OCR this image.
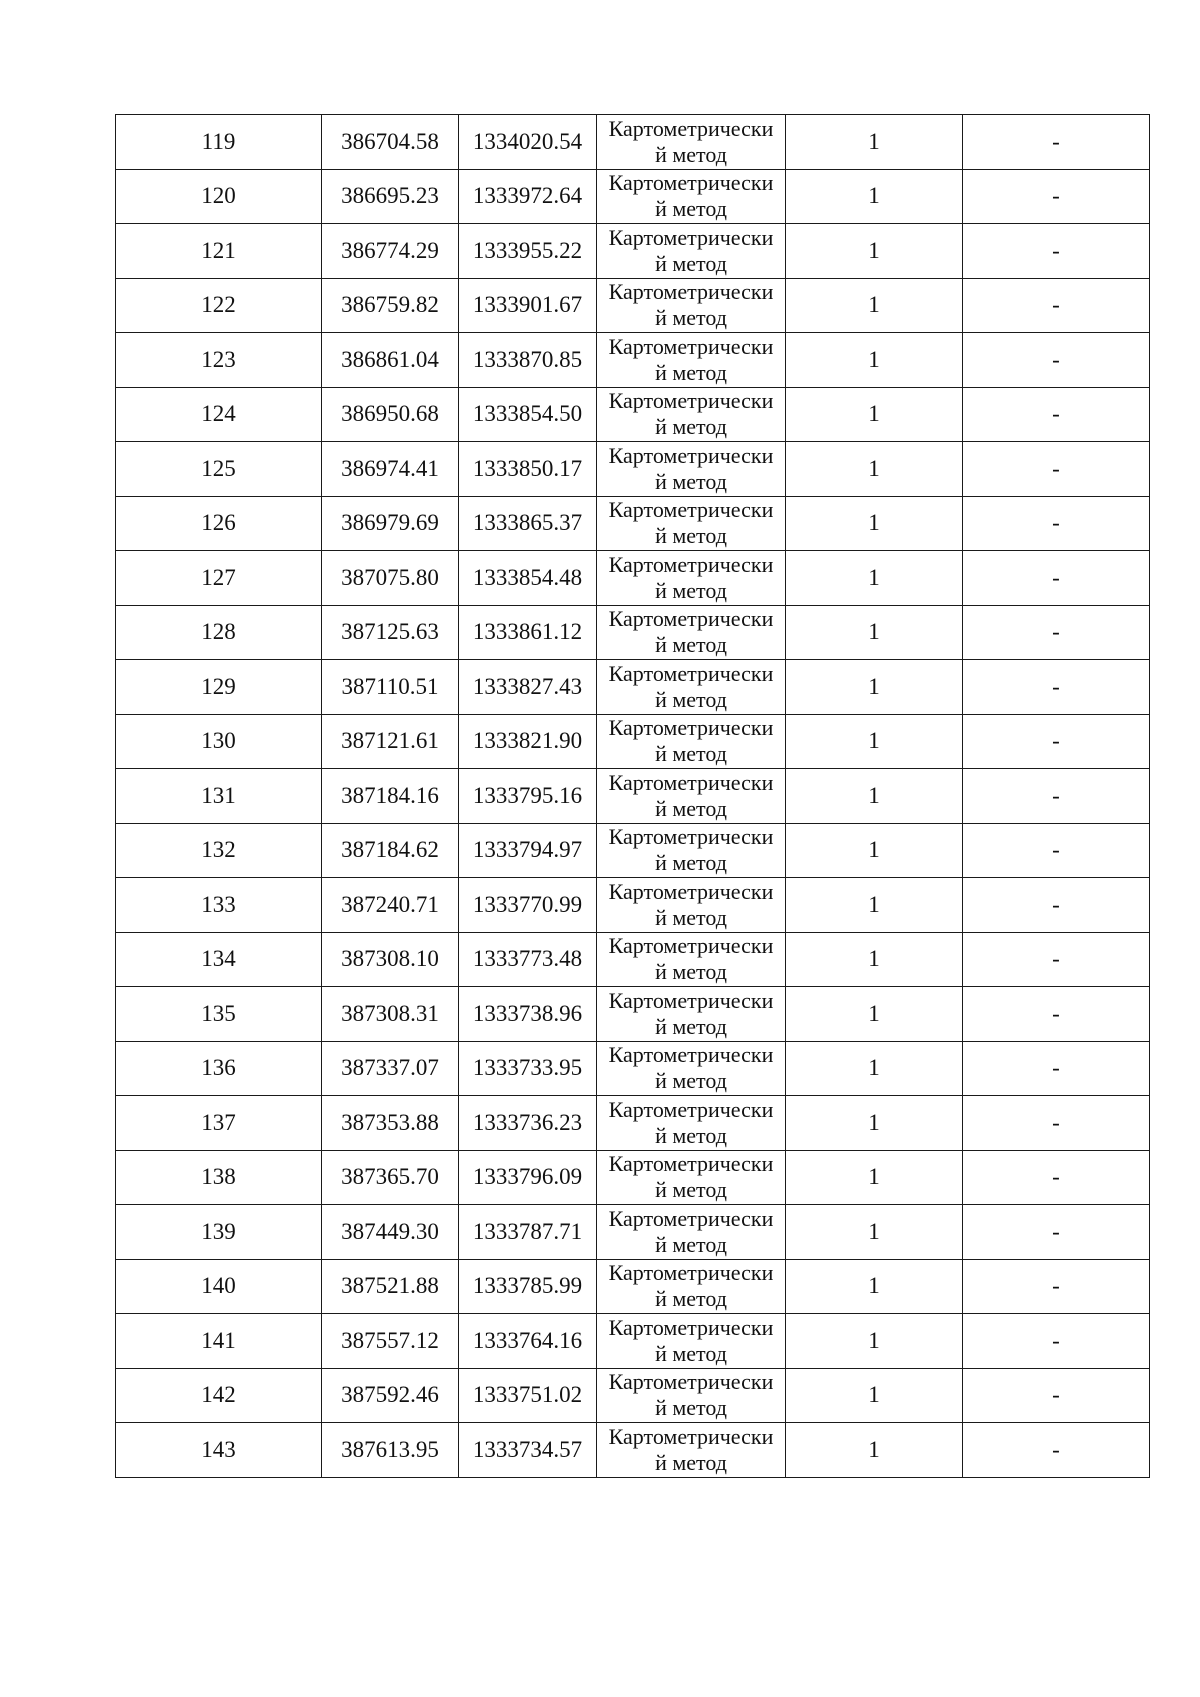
119	386704.58	1334020.54	Картометрически
й метод	1	-
120	386695.23	1333972.64	Картометрически
й метод	1	-
121	386774.29	1333955.22	Картометрически
й метод	1	-
122	386759.82	1333901.67	Картометрически
й метод	1	-
123	386861.04	1333870.85	Картометрически
й метод	1	-
124	386950.68	1333854.50	Картометрически
й метод	1	-
125	386974.41	1333850.17	Картометрически
й метод	1	-
126	386979.69	1333865.37	Картометрически
й метод	1	-
127	387075.80	1333854.48	Картометрически
й метод	1	-
128	387125.63	1333861.12	Картометрически
й метод	1	-
129	387110.51	1333827.43	Картометрически
й метод	1	-
130	387121.61	1333821.90	Картометрически
й метод	1	-
131	387184.16	1333795.16	Картометрически
й метод	1	-
132	387184.62	1333794.97	Картометрически
й метод	1	-
133	387240.71	1333770.99	Картометрически
й метод	1	-
134	387308.10	1333773.48	Картометрически
й метод	1	-
135	387308.31	1333738.96	Картометрически
й метод	1	-
136	387337.07	1333733.95	Картометрически
й метод	1	-
137	387353.88	1333736.23	Картометрически
й метод	1	-
138	387365.70	1333796.09	Картометрически
й метод	1	-
139	387449.30	1333787.71	Картометрически
й метод	1	-
140	387521.88	1333785.99	Картометрически
й метод	1	-
141	387557.12	1333764.16	Картометрически
й метод	1	-
142	387592.46	1333751.02	Картометрически
й метод	1	-
143	387613.95	1333734.57	Картометрически
й метод	1	-
